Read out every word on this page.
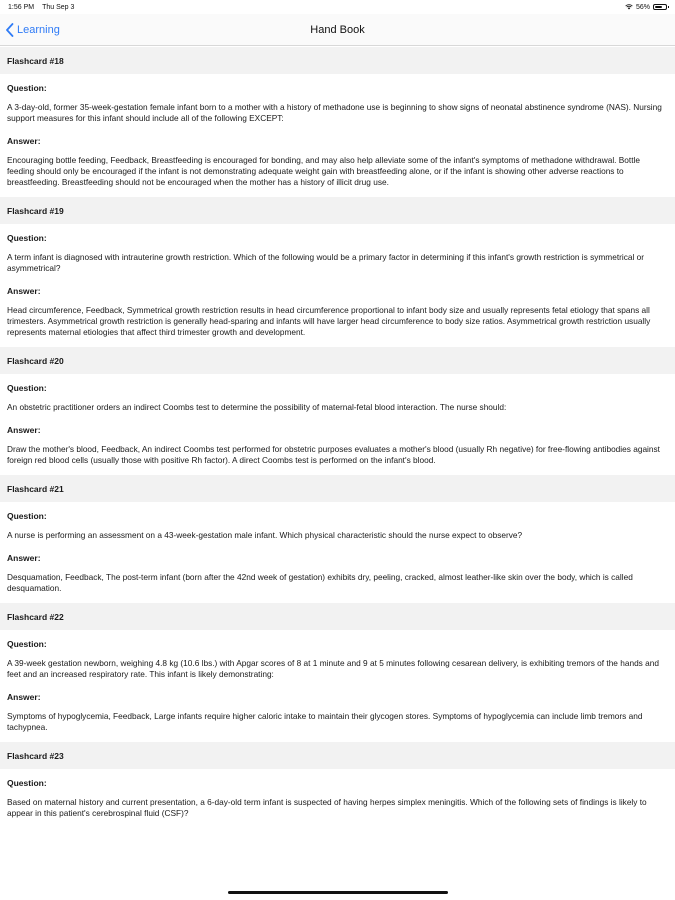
1:56 PM Thu Sep 3	56%
Learning	Hand Book
Flashcard #18
Question:
A 3-day-old, former 35-week-gestation female infant born to a mother with a history of methadone use is beginning to show signs of neonatal abstinence syndrome (NAS). Nursing support measures for this infant should include all of the following EXCEPT:
Answer:
Encouraging bottle feeding, Feedback, Breastfeeding is encouraged for bonding, and may also help alleviate some of the infant's symptoms of methadone withdrawal. Bottle feeding should only be encouraged if the infant is not demonstrating adequate weight gain with breastfeeding alone, or if the infant is showing other adverse reactions to breastfeeding. Breastfeeding should not be encouraged when the mother has a history of illicit drug use.
Flashcard #19
Question:
A term infant is diagnosed with intrauterine growth restriction. Which of the following would be a primary factor in determining if this infant's growth restriction is symmetrical or asymmetrical?
Answer:
Head circumference, Feedback, Symmetrical growth restriction results in head circumference proportional to infant body size and usually represents fetal etiology that spans all trimesters. Asymmetrical growth restriction is generally head-sparing and infants will have larger head circumference to body size ratios. Asymmetrical growth restriction usually represents maternal etiologies that affect third trimester growth and development.
Flashcard #20
Question:
An obstetric practitioner orders an indirect Coombs test to determine the possibility of maternal-fetal blood interaction. The nurse should:
Answer:
Draw the mother's blood, Feedback, An indirect Coombs test performed for obstetric purposes evaluates a mother's blood (usually Rh negative) for free-flowing antibodies against foreign red blood cells (usually those with positive Rh factor). A direct Coombs test is performed on the infant's blood.
Flashcard #21
Question:
A nurse is performing an assessment on a 43-week-gestation male infant. Which physical characteristic should the nurse expect to observe?
Answer:
Desquamation, Feedback, The post-term infant (born after the 42nd week of gestation) exhibits dry, peeling, cracked, almost leather-like skin over the body, which is called desquamation.
Flashcard #22
Question:
A 39-week gestation newborn, weighing 4.8 kg (10.6 lbs.) with Apgar scores of 8 at 1 minute and 9 at 5 minutes following cesarean delivery, is exhibiting tremors of the hands and feet and an increased respiratory rate. This infant is likely demonstrating:
Answer:
Symptoms of hypoglycemia, Feedback, Large infants require higher caloric intake to maintain their glycogen stores. Symptoms of hypoglycemia can include limb tremors and tachypnea.
Flashcard #23
Question:
Based on maternal history and current presentation, a 6-day-old term infant is suspected of having herpes simplex meningitis. Which of the following sets of findings is likely to appear in this patient's cerebrospinal fluid (CSF)?
